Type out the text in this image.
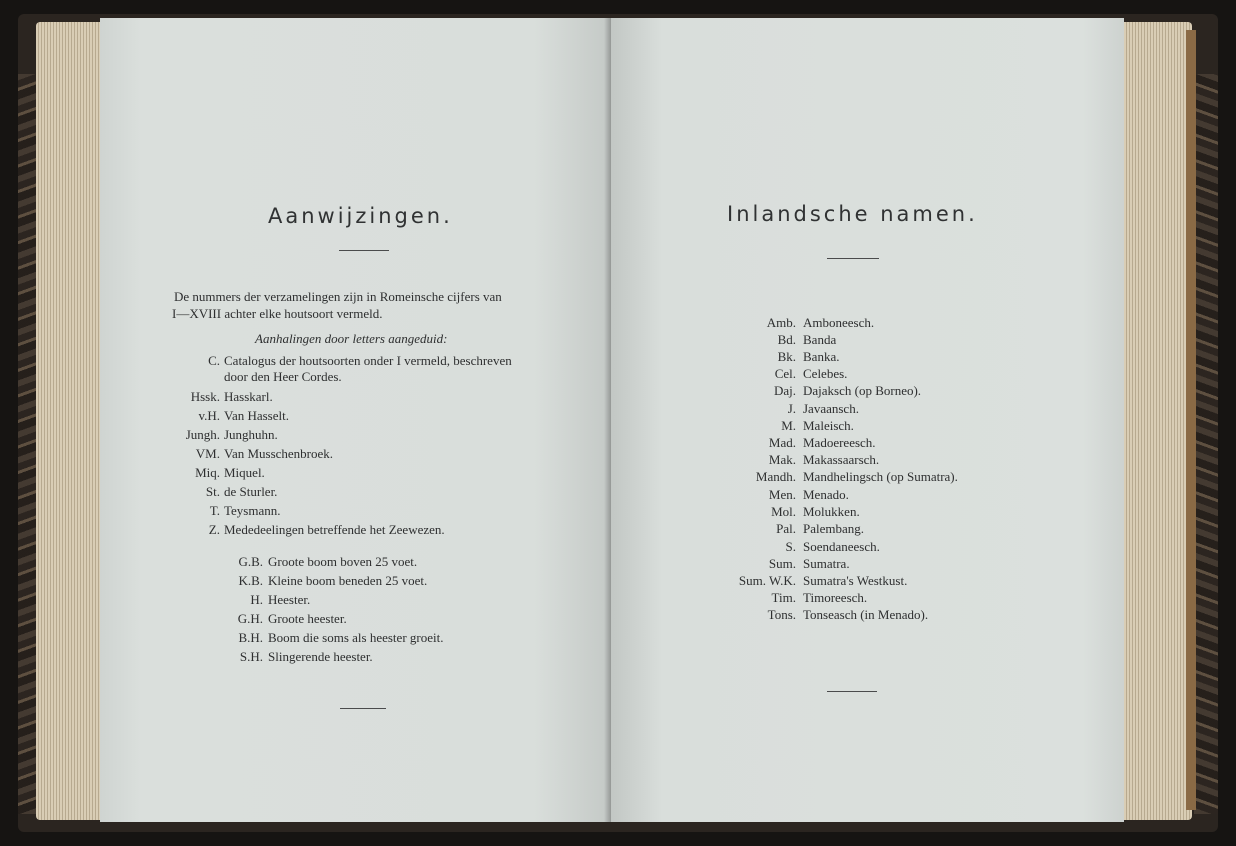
Aanwijzingen.
De nummers der verzamelingen zijn in Romeinsche cijfers van
I—XVIII achter elke houtsoort vermeld.
Aanhalingen door letters aangeduid:
C. Catalogus der houtsoorten onder I vermeld, beschreven
door den Heer Cordes.
Hssk. Hasskarl.
v.H. Van Hasselt.
Jungh. Junghuhn.
VM. Van Musschenbroek.
Miq. Miquel.
St. de Sturler.
T. Teysmann.
Z. Mededeelingen betreffende het Zeewezen.
G.B. Groote boom boven 25 voet.
K.B. Kleine boom beneden 25 voet.
H. Heester.
G.H. Groote heester.
B.H. Boom die soms als heester groeit.
S.H. Slingerende heester.
Inlandsche namen.
Amb. Amboneesch.
Bd. Banda
Bk. Banka.
Cel. Celebes.
Daj. Dajaksch (op Borneo).
J. Javaansch.
M. Maleisch.
Mad. Madoereesch.
Mak. Makassaarsch.
Mandh. Mandhelingsch (op Sumatra).
Men. Menado.
Mol. Molukken.
Pal. Palembang.
S. Soendaneesch.
Sum. Sumatra.
Sum. W.K. Sumatra's Westkust.
Tim. Timoreesch.
Tons. Tonseasch (in Menado).
